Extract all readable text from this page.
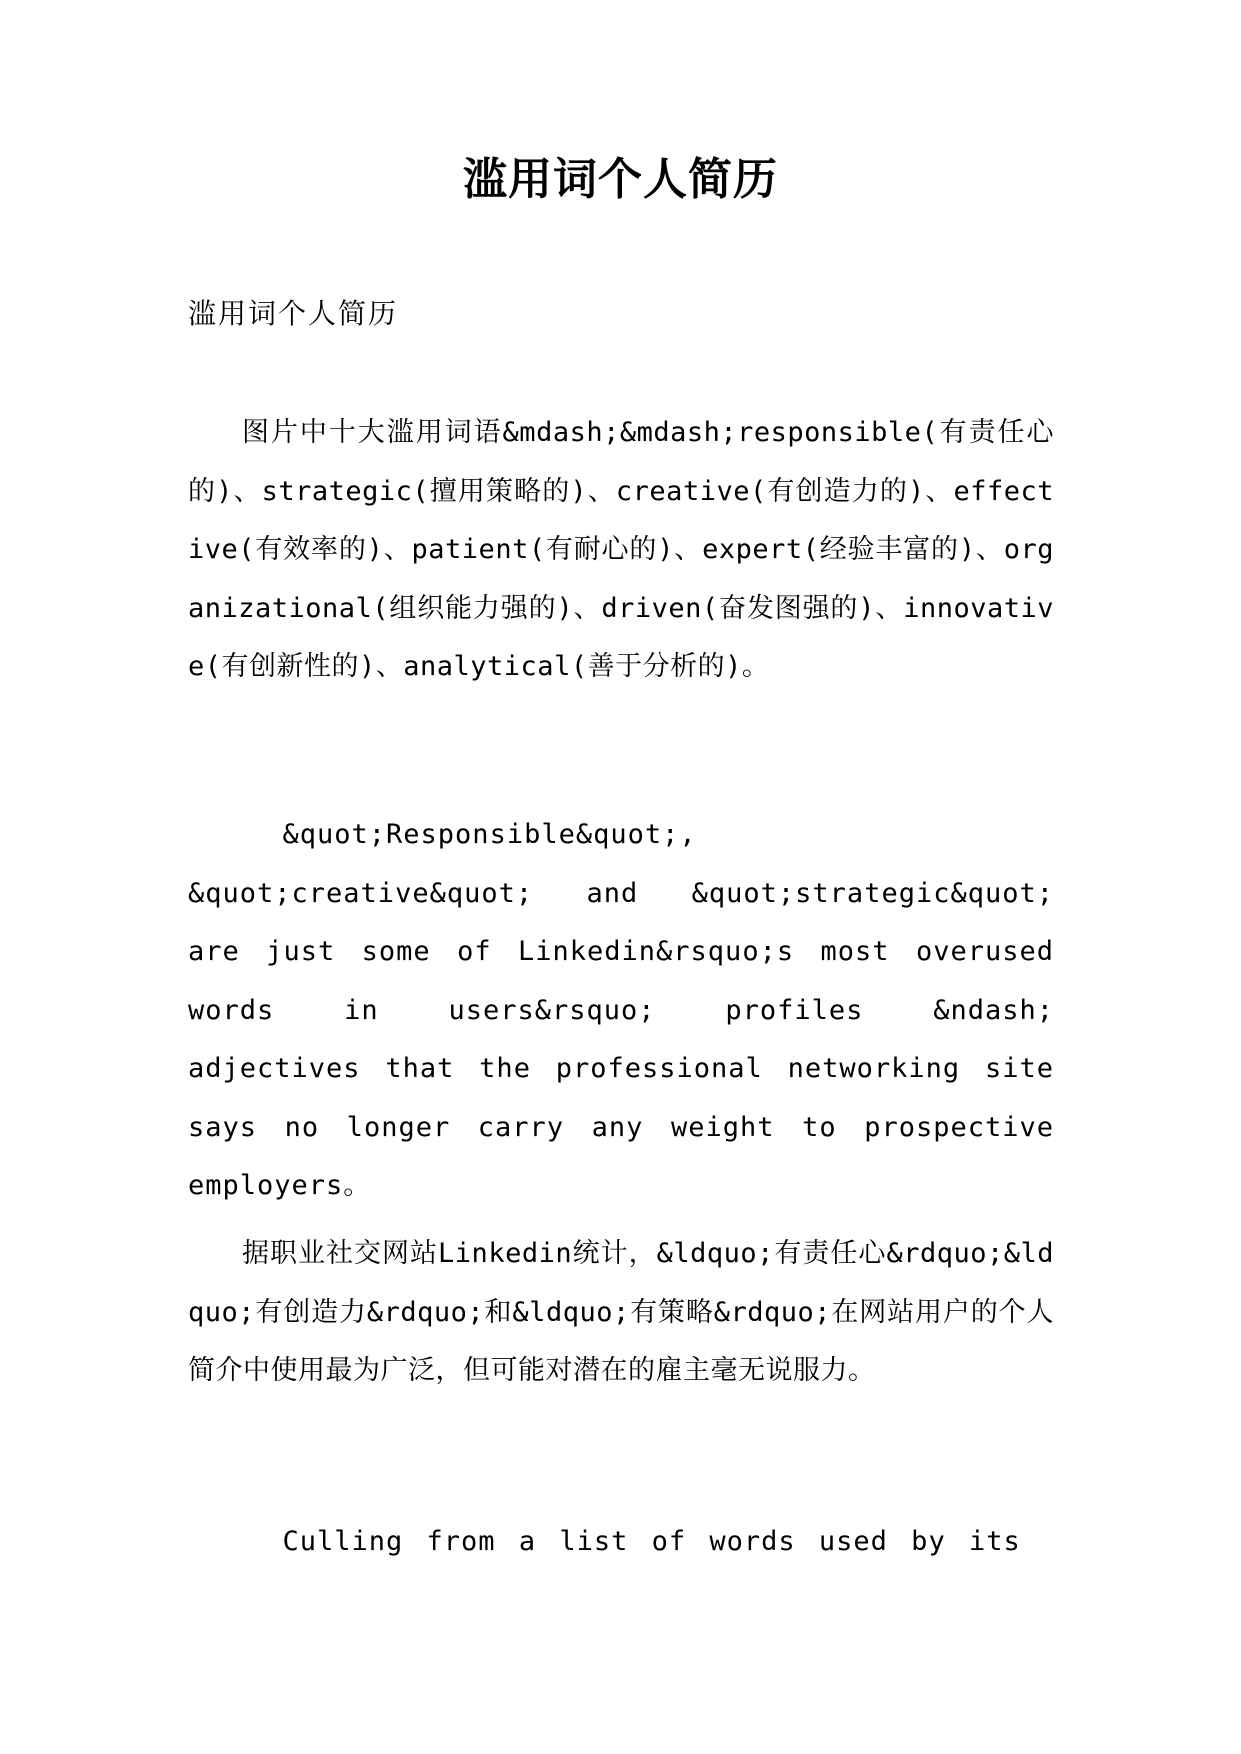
滥用词个人简历
滥用词个人简历

图片中十大滥用词语&mdash;&mdash;responsible(有责任心的)、strategic(擅用策略的)、creative(有创造力的)、effective(有效率的)、patient(有耐心的)、expert(经验丰富的)、organizational(组织能力强的)、driven(奋发图强的)、innovative(有创新性的)、analytical(善于分析的)。

&quot;Responsible&quot;, &quot;creative&quot; and &quot;strategic&quot; are just some of Linkedin&rsquo;s most overused words in users&rsquo; profiles &ndash; adjectives that the professional networking site says no longer carry any weight to prospective employers。

据职业社交网站Linkedin统计，&ldquo;有责任心&rdquo;&ldquo;有创造力&rdquo;和&ldquo;有策略&rdquo;在网站用户的个人简介中使用最为广泛，但可能对潜在的雇主毫无说服力。

Culling from a list of words used by its
